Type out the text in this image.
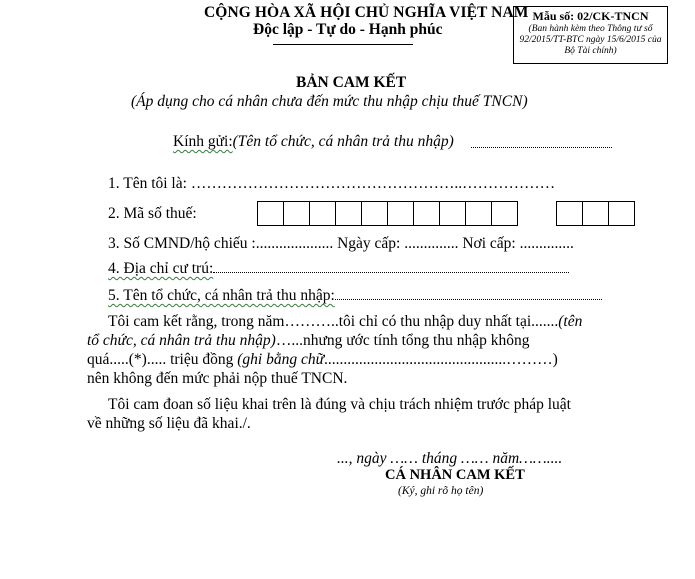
CỘNG HÒA XÃ HỘI CHỦ NGHĨA VIỆT NAM
Độc lập - Tự do - Hạnh phúc
Mẫu số: 02/CK-TNCN
(Ban hành kèm theo Thông tư số 92/2015/TT-BTC ngày 15/6/2015 của Bộ Tài chính)
BẢN CAM KẾT
(Áp dụng cho cá nhân chưa đến mức thu nhập chịu thuế TNCN)
Kính gửi:(Tên tổ chức, cá nhân trả thu nhập)
1. Tên tôi là: ……………………………………………..………………
2. Mã số thuế:
3. Số CMND/hộ chiếu :.................... Ngày cấp: .............. Nơi cấp: ..............
4. Địa chỉ cư trú:
5. Tên tổ chức, cá nhân trả thu nhập:
Tôi cam kết rằng, trong năm………..tôi chỉ có thu nhập duy nhất tại.......(tên
tổ chức, cá nhân trả thu nhập)…...nhưng ước tính tổng thu nhập không
quá.....(*)..... triệu đồng (ghi bằng chữ...............................................………)
nên không đến mức phải nộp thuế TNCN.
Tôi cam đoan số liệu khai trên là đúng và chịu trách nhiệm trước pháp luật
về những số liệu đã khai./.
..., ngày …… tháng …… năm……....
CÁ NHÂN CAM KẾT
(Ký, ghi rõ họ tên)
